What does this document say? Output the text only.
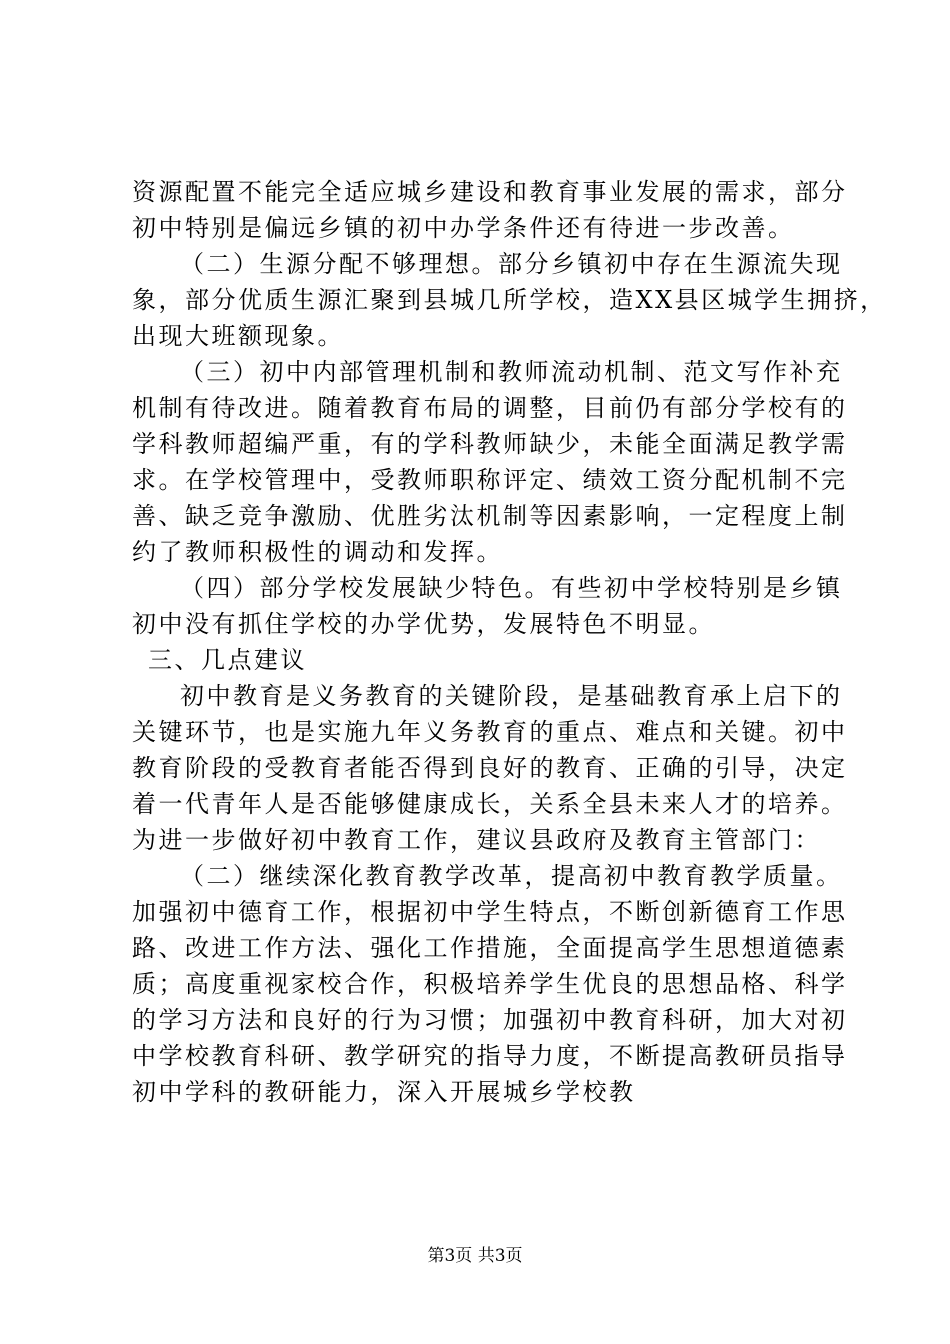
资源配置不能完全适应城乡建设和教育事业发展的需求，部分
初中特别是偏远乡镇的初中办学条件还有待进一步改善。
（二）生源分配不够理想。部分乡镇初中存在生源流失现
象，部分优质生源汇聚到县城几所学校，造XX县区城学生拥挤，
出现大班额现象。
（三）初中内部管理机制和教师流动机制、范文写作补充
机制有待改进。随着教育布局的调整，目前仍有部分学校有的
学科教师超编严重，有的学科教师缺少，未能全面满足教学需
求。在学校管理中，受教师职称评定、绩效工资分配机制不完
善、缺乏竞争激励、优胜劣汰机制等因素影响，一定程度上制
约了教师积极性的调动和发挥。
（四）部分学校发展缺少特色。有些初中学校特别是乡镇
初中没有抓住学校的办学优势，发展特色不明显。
三、几点建议
初中教育是义务教育的关键阶段，是基础教育承上启下的
关键环节，也是实施九年义务教育的重点、难点和关键。初中
教育阶段的受教育者能否得到良好的教育、正确的引导，决定
着一代青年人是否能够健康成长，关系全县未来人才的培养。
为进一步做好初中教育工作，建议县政府及教育主管部门：
（二）继续深化教育教学改革，提高初中教育教学质量。
加强初中德育工作，根据初中学生特点，不断创新德育工作思
路、改进工作方法、强化工作措施，全面提高学生思想道德素
质；高度重视家校合作，积极培养学生优良的思想品格、科学
的学习方法和良好的行为习惯；加强初中教育科研，加大对初
中学校教育科研、教学研究的指导力度，不断提高教研员指导
初中学科的教研能力，深入开展城乡学校教
第3页 共3页
